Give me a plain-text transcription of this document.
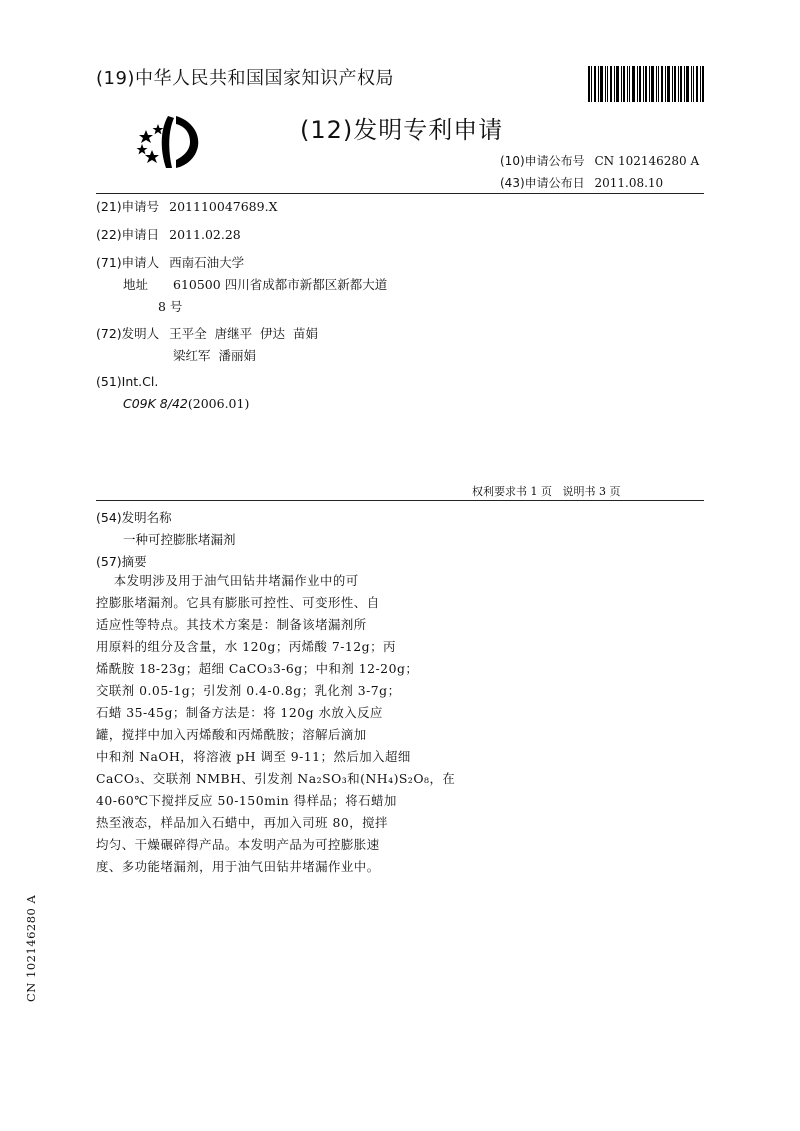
(19)中华人民共和国国家知识产权局
(12)发明专利申请
(10)申请公布号 CN 102146280 A
(43)申请公布日 2011.08.10
(21)申请号 201110047689.X
(22)申请日 2011.02.28
(71)申请人 西南石油大学
地址 610500 四川省成都市新都区新都大道
8 号
(72)发明人 王平全  唐继平  伊达  苗娟
梁红军  潘丽娟
(51)Int.Cl.
C09K 8/42(2006.01)
权利要求书 1 页   说明书 3 页
(54)发明名称
一种可控膨胀堵漏剂
(57)摘要
本发明涉及用于油气田钻井堵漏作业中的可
控膨胀堵漏剂。它具有膨胀可控性、可变形性、自
适应性等特点。其技术方案是：制备该堵漏剂所
用原料的组分及含量，水 120g；丙烯酸 7-12g；丙
烯酰胺 18-23g；超细 CaCO₃3-6g；中和剂 12-20g；
交联剂 0.05-1g；引发剂 0.4-0.8g；乳化剂 3-7g；
石蜡 35-45g；制备方法是：将 120g 水放入反应
罐，搅拌中加入丙烯酸和丙烯酰胺；溶解后滴加
中和剂 NaOH，将溶液 pH 调至 9-11；然后加入超细
CaCO₃、交联剂 NMBH、引发剂 Na₂SO₃和(NH₄)S₂O₈，在
40-60℃下搅拌反应 50-150min 得样品；将石蜡加
热至液态，样品加入石蜡中，再加入司班 80，搅拌
均匀、干燥碾碎得产品。本发明产品为可控膨胀速
度、多功能堵漏剂，用于油气田钻井堵漏作业中。
CN 102146280 A
